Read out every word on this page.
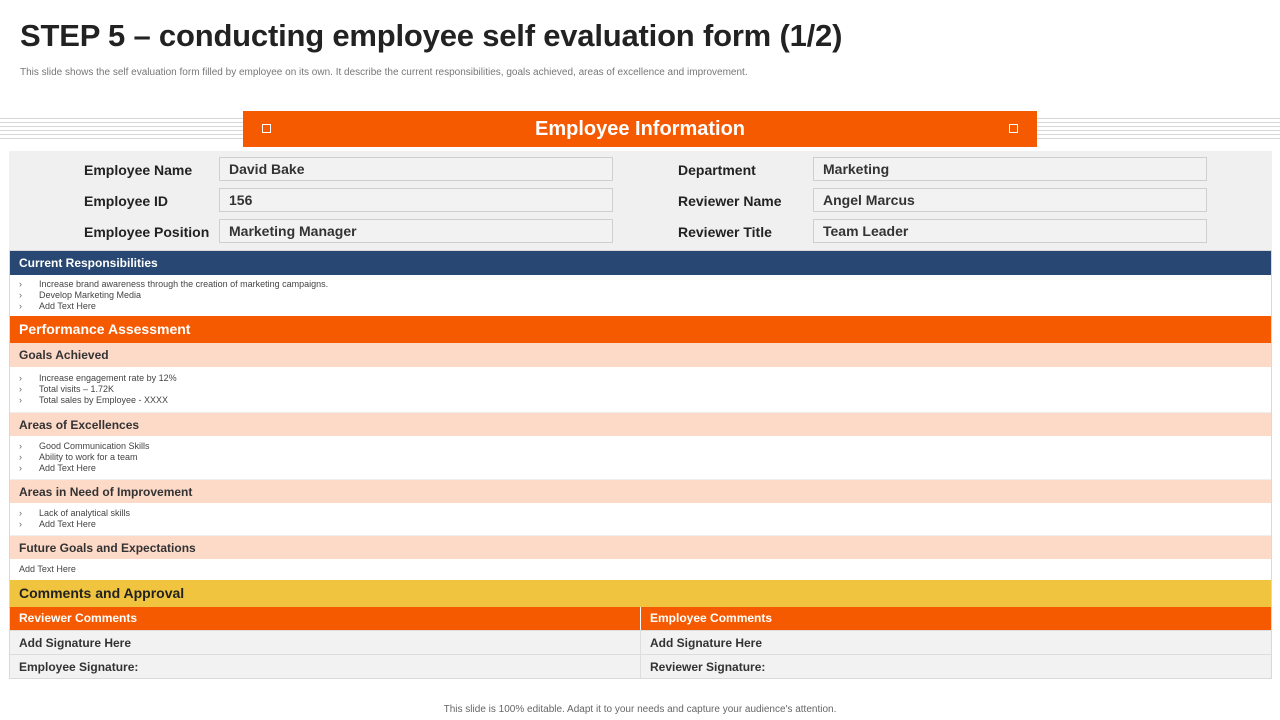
STEP 5 – conducting employee self evaluation form (1/2)
This slide shows the self evaluation form filled by employee on its own. It describe the current responsibilities, goals achieved, areas of excellence and improvement.
Employee Information
Employee Name	David Bake
Employee ID	156
Employee Position	Marketing Manager
Department	Marketing
Reviewer Name	Angel Marcus
Reviewer Title	Team Leader
Current Responsibilities
› Increase brand awareness through the creation of marketing campaigns.
› Develop Marketing Media
› Add Text Here
Performance Assessment
Goals Achieved
› Increase engagement rate by 12%
› Total visits – 1.72K
› Total sales by Employee - XXXX
Areas of Excellences
› Good Communication Skills
› Ability to work for a team
› Add Text Here
Areas in Need of Improvement
› Lack of analytical skills
› Add Text Here
Future Goals and Expectations
Add Text Here
Comments and Approval
Reviewer Comments	Employee Comments
Add Signature Here	Add Signature Here
Employee Signature:	Reviewer Signature:
This slide is 100% editable. Adapt it to your needs and capture your audience's attention.
